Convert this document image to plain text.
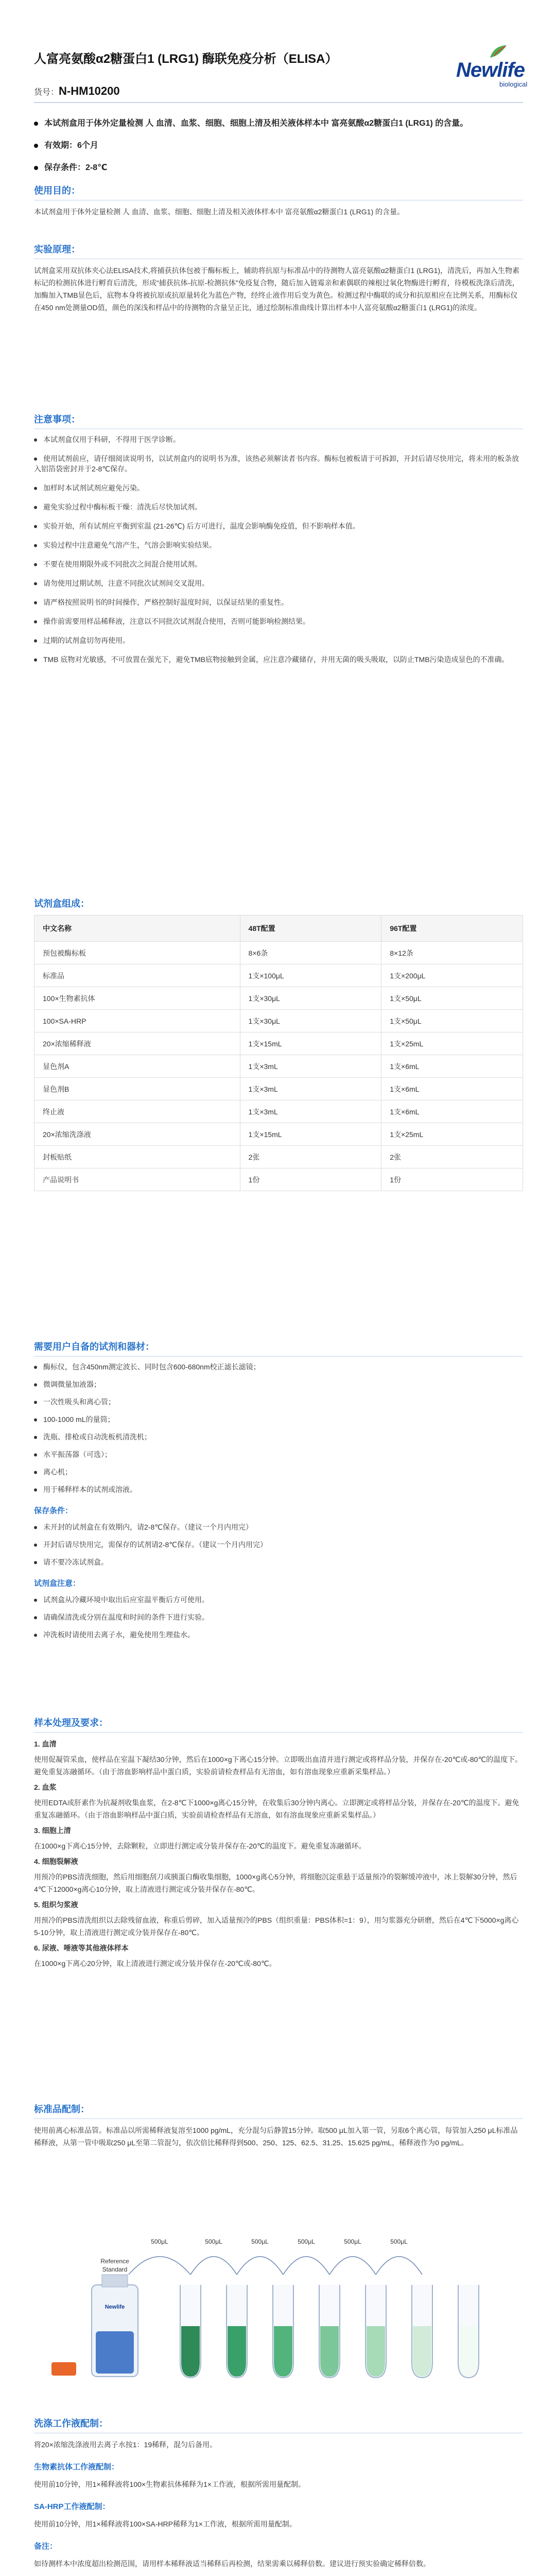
人富亮氨酸α2糖蛋白1 (LRG1) 酶联免疫分析（ELISA）	Newlife
biological
货号：N-HM10200
本试剂盒用于体外定量检测 人 血清、血浆、细胞、细胞上清及相关液体样本中 富亮氨酸α2糖蛋白1 (LRG1) 的含量。
有效期：6个月
保存条件：2-8℃
使用目的：

本试剂盒用于体外定量检测 人 血清、血浆、细胞、细胞上清及相关液体样本中 富亮氨酸α2糖蛋白1 (LRG1) 的含量。

实验原理：

试剂盒采用双抗体夹心法ELISA技术,将捕获抗体包被于酶标板上，辅助将抗原与标准品中的待测物人富亮氨酸α2糖蛋白1 (LRG1)，清洗后，再加入生物素标记的检测抗体进行孵育后清洗，形成“捕获抗体-抗原-检测抗体”免疫复合物，随后加入链霉亲和素偶联的辣根过氧化物酶进行孵育，待模板洗涤后清洗，加酶加入TMB显色后，底物本身将被抗原或抗原量转化为蓝色产物，经终止液作用后变为黄色。检测过程中酶联的成分和抗原相应在比例关系，用酶标仪在450 nm处测量OD值，颜色的深浅和样品中的待测物的含量呈正比，通过绘制标准曲线计算出样本中人富亮氨酸α2糖蛋白1 (LRG1)的浓度。

注意事项：
本试剂盒仅用于科研，不得用于医学诊断。
使用试剂前应，请仔细阅读说明书，以试剂盒内的说明书为准，该热必须解读者书内容。酶标包被板请于可拆卸，开封后请尽快用完，将未用的板条放入铝箔袋密封并于2-8℃保存。
加样时本试剂试剂应避免污染。
避免实验过程中酶标板干燥：清洗后尽快加试剂。
实验开始，所有试剂应平衡到室温 (21-26℃) 后方可进行，温度会影响酶免疫值，但不影响样本值。
实验过程中注意避免气溶产生，气溶会影响实验结果。
不要在使用期限外或不同批次之间混合使用试剂。
请勿使用过期试剂，注意不同批次试剂间交叉混用。
请严格按照说明书的时间操作，严格控制好温度时间，以保证结果的重复性。
操作前需要用样品稀释液，注意以不同批次试剂混合使用，否则可能影响检测结果。
过期的试剂盒切勿再使用。
TMB 底物对光敏感，不可放置在强光下，避免TMB底物接触到金属，应注意冷藏储存，并用无菌的吸头吸取，以防止TMB污染造成显色的不准确。
试剂盒组成：
中文名称	48T配置	96T配置
预包被酶标板	8×6条	8×12条
标准品	1支×100μL	1支×200μL
100×生物素抗体	1支×30μL	1支×50μL
100×SA-HRP	1支×30μL	1支×50μL
20×浓缩稀释液	1支×15mL	1支×25mL
显色剂A	1支×3mL	1支×6mL
显色剂B	1支×3mL	1支×6mL
终止液	1支×3mL	1支×6mL
20×浓缩洗涤液	1支×15mL	1支×25mL
封板贴纸	2张	2张
产品说明书	1份	1份
需要用户自备的试剂和器材：
酶标仪，包含450nm测定波长、同时包含600-680nm校正滤长滤镜；
微调微量加液器；
一次性吸头和离心管；
100-1000 mL的量筒；
洗瓶、排枪或自动洗板机清洗机；
水平振荡器（可选）；
离心机；
用于稀释样本的试剂或溶液。
保存条件：
未开封的试剂盒在有效期内，请2-8℃保存。（建议一个月内用完）
开封后请尽快用完，需保存的试剂请2-8℃保存。（建议一个月内用完）
请不要冷冻试剂盒。
试剂盒注意：
试剂盒从冷藏环境中取出后应室温平衡后方可使用。
请确保清洗或分别在温度和时间的条件下进行实验。
冲洗板时请使用去离子水，避免使用生理盐水。
样本处理及要求：

1. 血清

使用促凝管采血，使样品在室温下凝结30分钟，然后在1000×g下离心15分钟。立即吸出血清并进行测定或将样品分装，并保存在-20℃或-80℃的温度下。避免重复冻融循环。（由于溶血影响样品中蛋白质，实验前请检查样品有无溶血，如有溶血现象应重新采集样品。）

2. 血浆

使用EDTA或肝素作为抗凝剂收集血浆，在2-8℃下1000×g离心15分钟，在收集后30分钟内离心。立即测定或将样品分装，并保存在-20℃的温度下。避免重复冻融循环。（由于溶血影响样品中蛋白质，实验前请检查样品有无溶血，如有溶血现象应重新采集样品。）

3. 细胞上清

在1000×g下离心15分钟，去除颗粒，立即进行测定或分装并保存在-20℃的温度下。避免重复冻融循环。

4. 细胞裂解液

用预冷的PBS清洗细胞，然后用细胞刮刀或胰蛋白酶收集细胞，1000×g离心5分钟，将细胞沉淀重悬于适量预冷的裂解缓冲液中，冰上裂解30分钟，然后4℃下12000×g离心10分钟，取上清液进行测定或分装并保存在-80℃。

5. 组织匀浆液

用预冷的PBS清洗组织以去除残留血液，称重后剪碎，加入适量预冷的PBS（组织重量：PBS体积=1：9），用匀浆器充分研磨，然后在4℃下5000×g离心5-10分钟，取上清液进行测定或分装并保存在-80℃。

6. 尿液、唾液等其他液体样本

在1000×g下离心20分钟，取上清液进行测定或分装并保存在-20℃或-80℃。

标准品配制：

使用前离心标准品管。标准品以所需稀释液复溶至1000 pg/mL，充分混匀后静置15分钟。取500 μL加入第一管，另取6个离心管，每管加入250 μL标准品稀释液，从第一管中吸取250 μL至第二管混匀，依次倍比稀释得到500、250、125、62.5、31.25、15.625 pg/mL，稀释液作为0 pg/mL。

Newlife
Reference
Standard
500μL	500μL	500μL	500μL	500μL	500μL
洗涤工作液配制：

将20×浓缩洗涤液用去离子水按1：19稀释，混匀后备用。

生物素抗体工作液配制：

使用前10分钟，用1×稀释液将100×生物素抗体稀释为1×工作液，根据所需用量配制。

SA-HRP工作液配制：

使用前10分钟，用1×稀释液将100×SA-HRP稀释为1×工作液，根据所需用量配制。

备注：

如待测样本中浓度超出检测范围，请用样本稀释液适当稀释后再检测，结果需乘以稀释倍数。建议进行预实验确定稀释倍数。
